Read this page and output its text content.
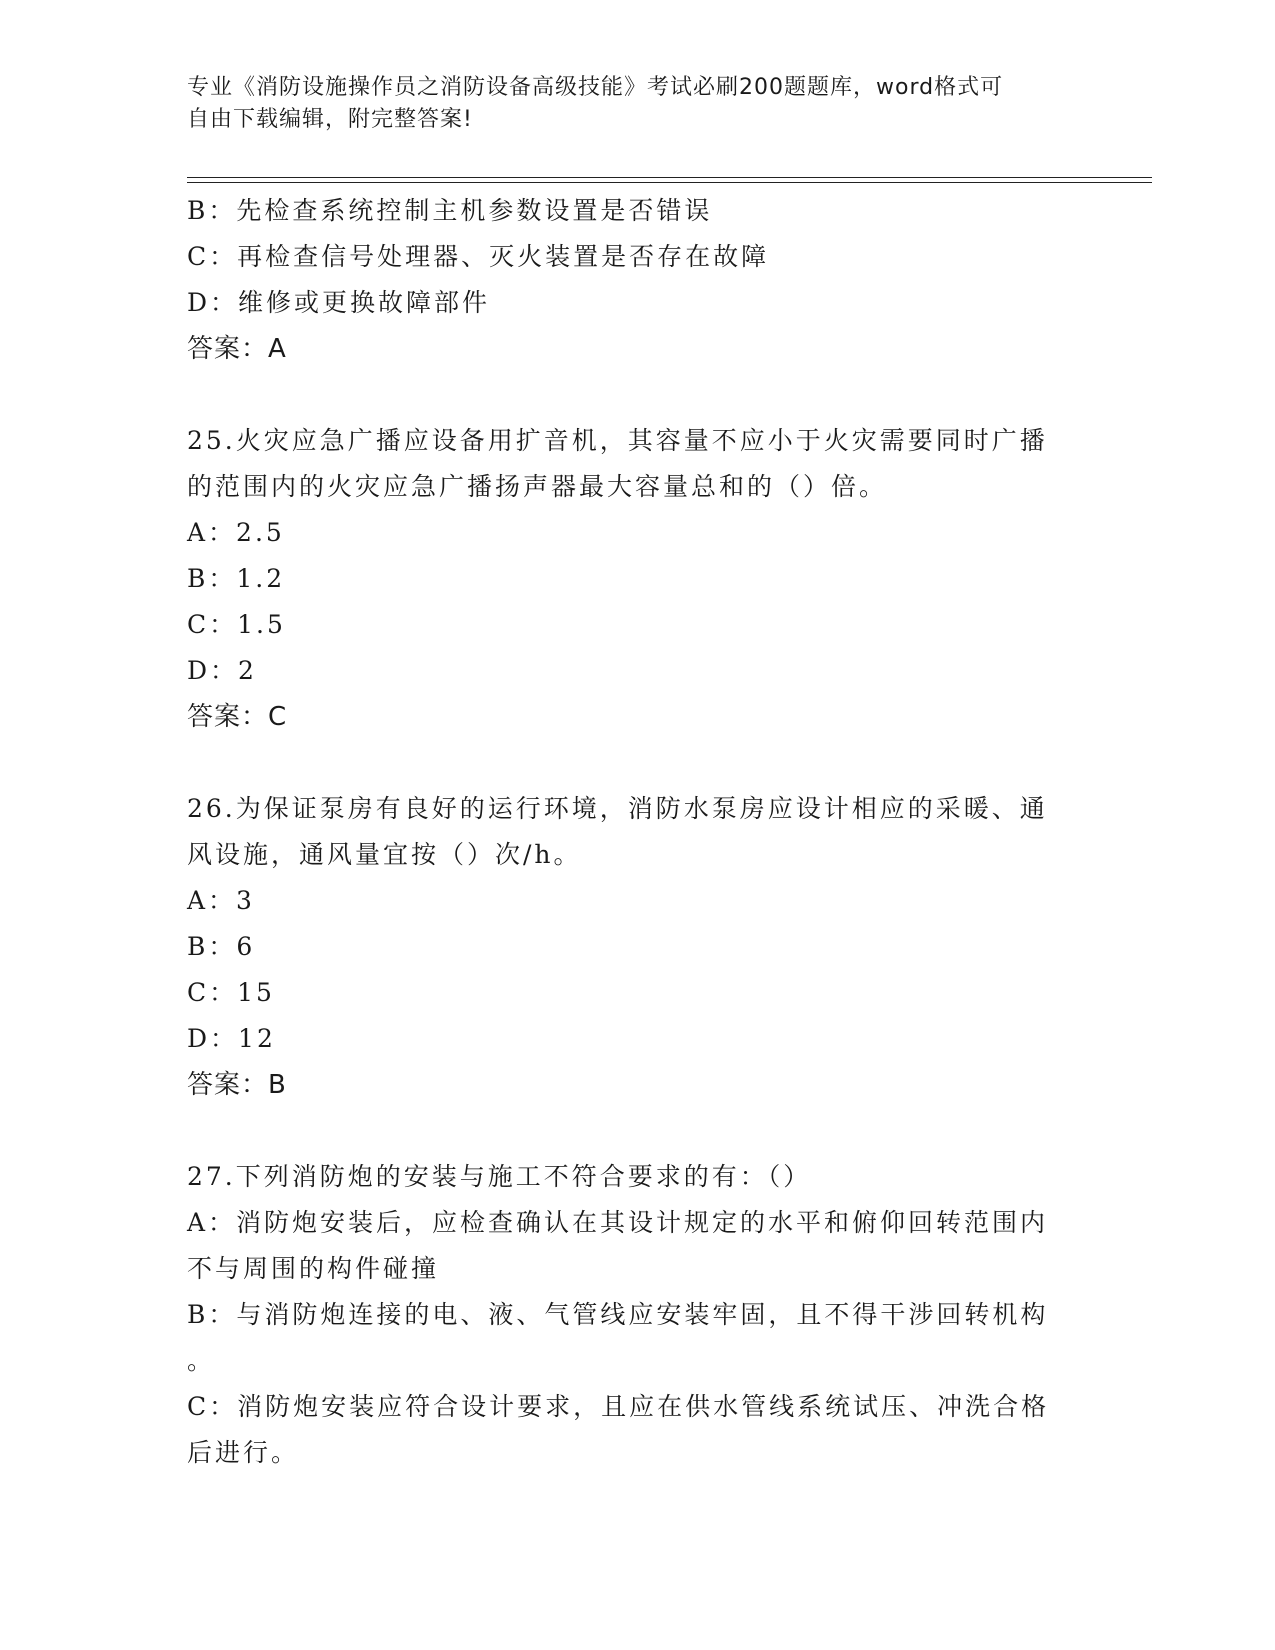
专业《消防设施操作员之消防设备高级技能》考试必刷200题题库，word格式可
自由下载编辑，附完整答案!
B：先检查系统控制主机参数设置是否错误
C：再检查信号处理器、灭火装置是否存在故障
D：维修或更换故障部件
答案：A
25.火灾应急广播应设备用扩音机，其容量不应小于火灾需要同时广播
的范围内的火灾应急广播扬声器最大容量总和的（）倍。
A：2.5
B：1.2
C：1.5
D：2
答案：C
26.为保证泵房有良好的运行环境，消防水泵房应设计相应的采暖、通
风设施，通风量宜按（）次/h。
A：3
B：6
C：15
D：12
答案：B
27.下列消防炮的安装与施工不符合要求的有：（）
A：消防炮安装后，应检查确认在其设计规定的水平和俯仰回转范围内
不与周围的构件碰撞
B：与消防炮连接的电、液、气管线应安装牢固，且不得干涉回转机构
。
C：消防炮安装应符合设计要求，且应在供水管线系统试压、冲洗合格
后进行。
